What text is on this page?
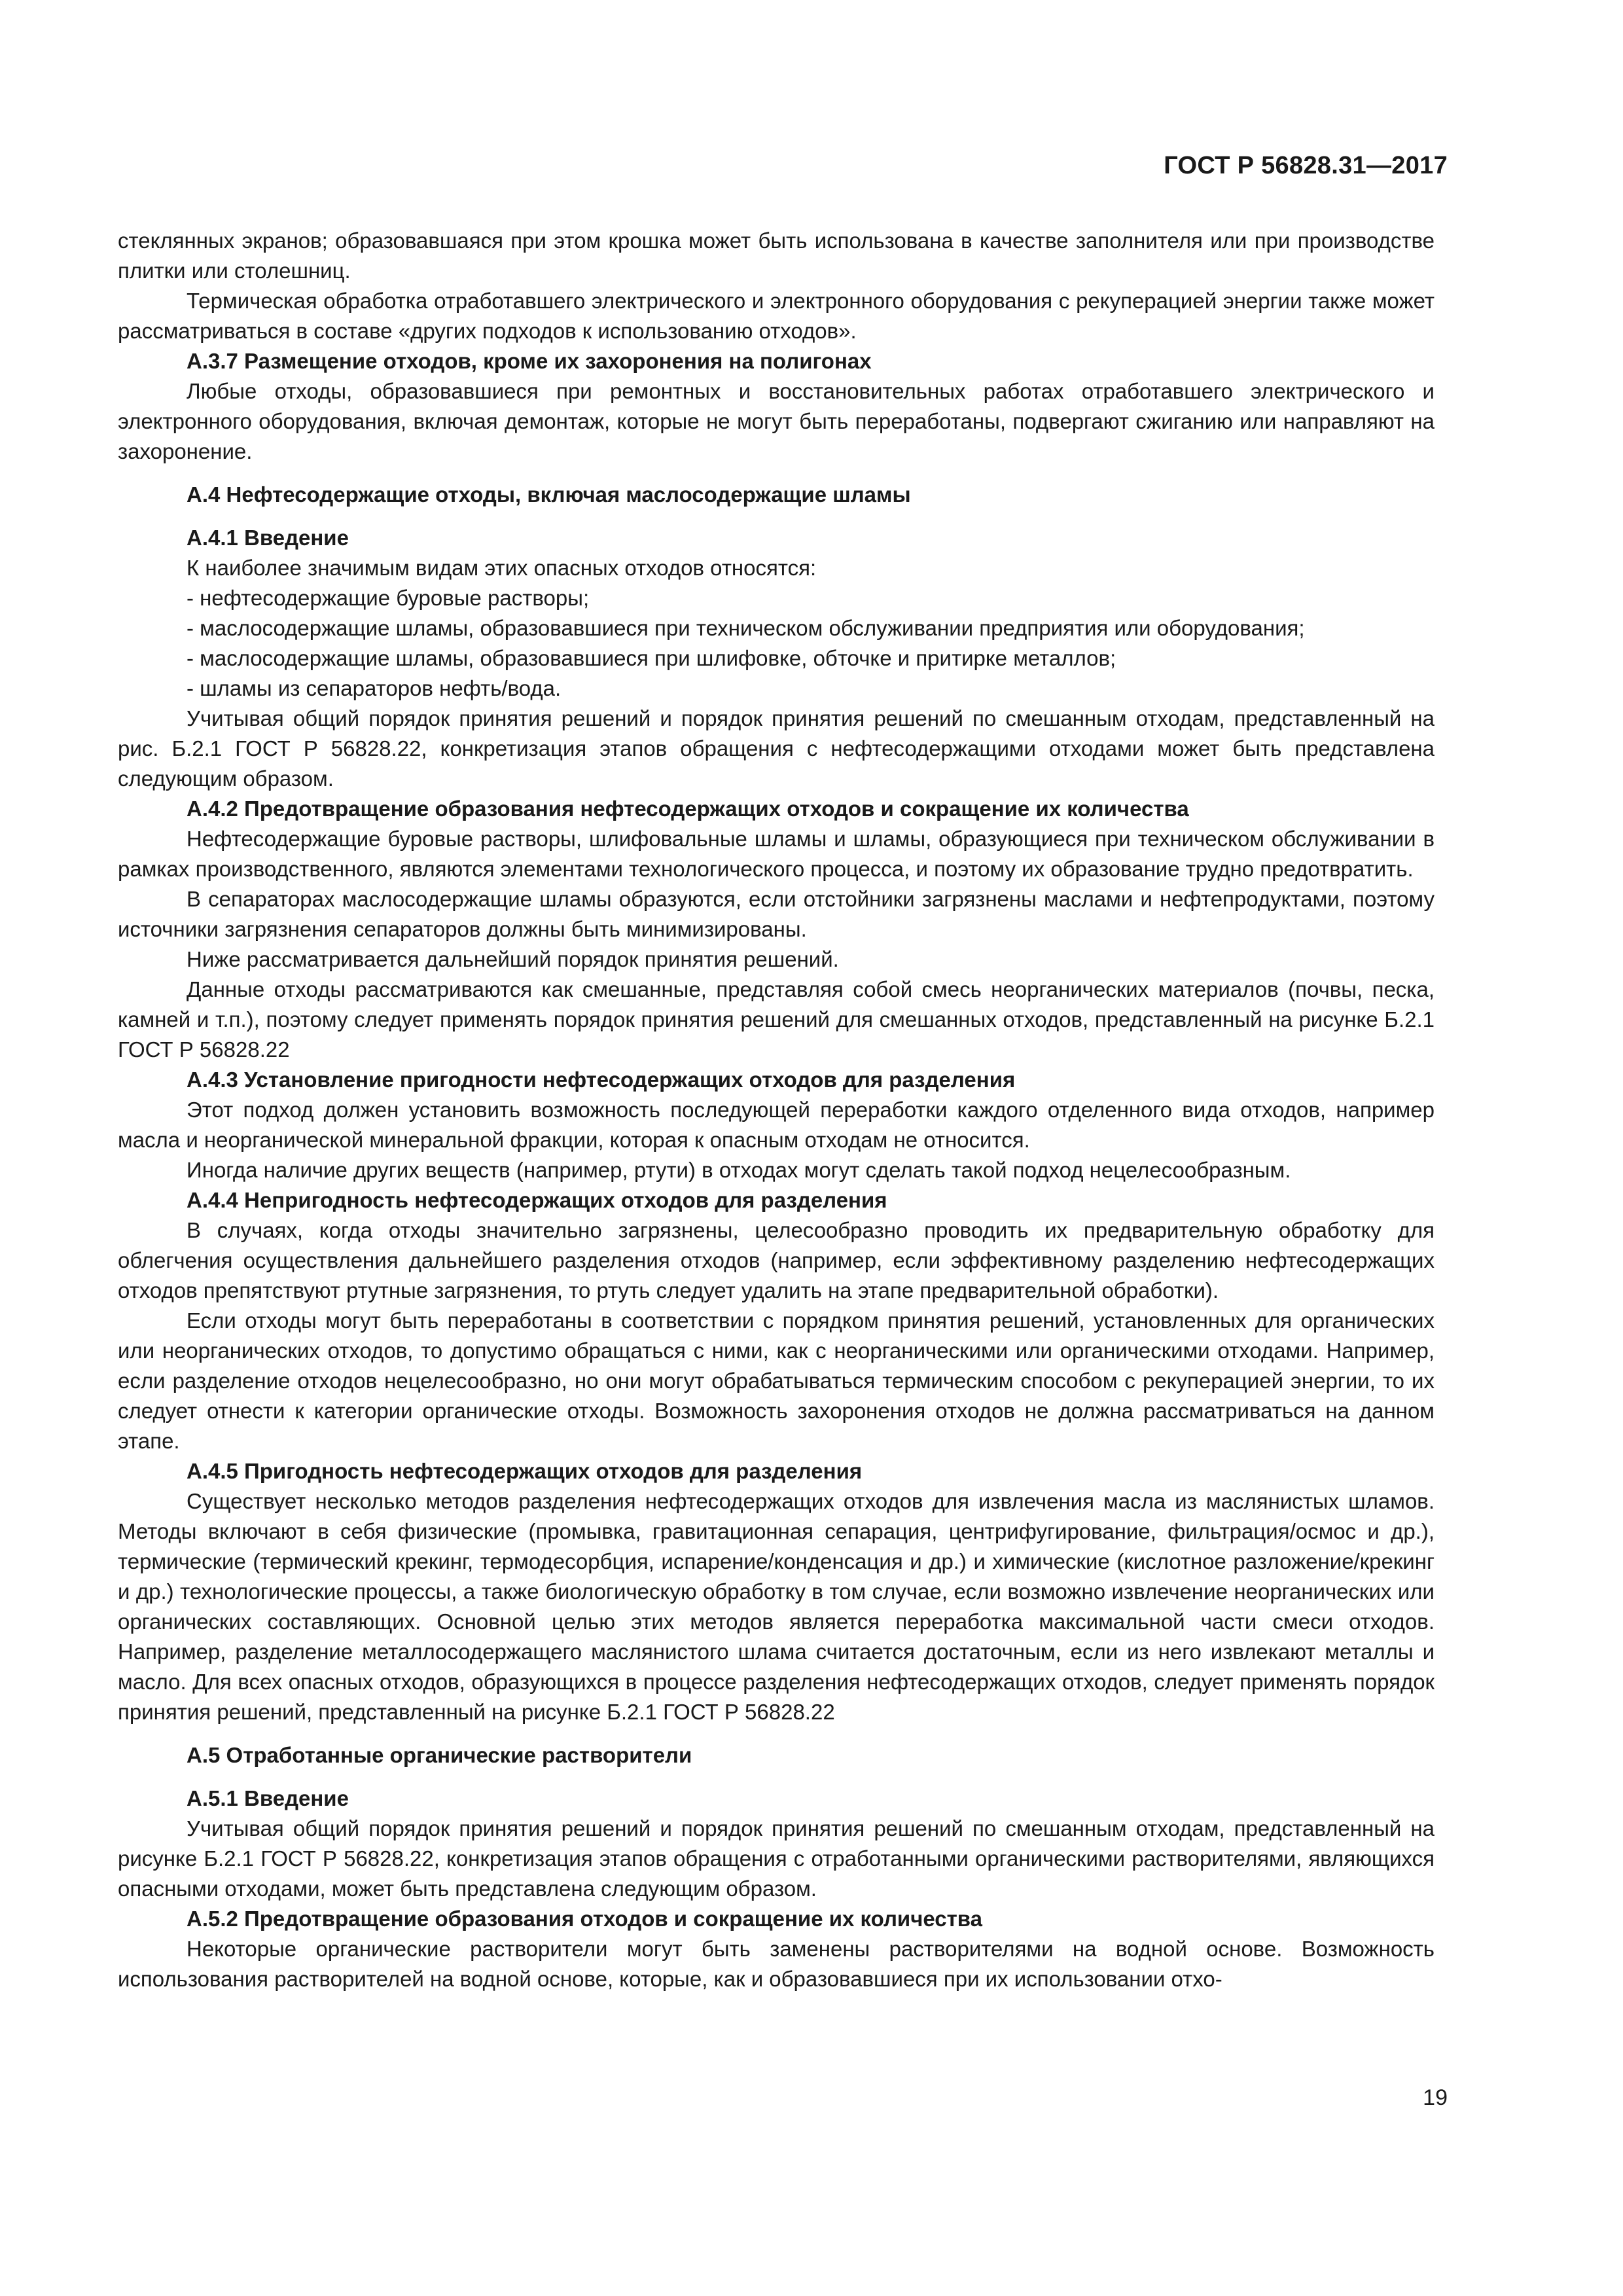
ГОСТ Р 56828.31—2017

стеклянных экранов; образовавшаяся при этом крошка может быть использована в качестве заполнителя или при производстве плитки или столешниц.

Термическая обработка отработавшего электрического и электронного оборудования с рекуперацией энергии также может рассматриваться в составе «других подходов к использованию отходов».

А.3.7 Размещение отходов, кроме их захоронения на полигонах

Любые отходы, образовавшиеся при ремонтных и восстановительных работах отработавшего электрического и электронного оборудования, включая демонтаж, которые не могут быть переработаны, подвергают сжиганию или направляют на захоронение.

А.4 Нефтесодержащие отходы, включая маслосодержащие шламы

А.4.1 Введение

К наиболее значимым видам этих опасных отходов относятся:

- нефтесодержащие буровые растворы;

- маслосодержащие шламы, образовавшиеся при техническом обслуживании предприятия или оборудования;

- маслосодержащие шламы, образовавшиеся при шлифовке, обточке и притирке металлов;

- шламы из сепараторов нефть/вода.

Учитывая общий порядок принятия решений и порядок принятия решений по смешанным отходам, представленный на рис. Б.2.1 ГОСТ Р 56828.22, конкретизация этапов обращения с нефтесодержащими отходами может быть представлена следующим образом.

А.4.2 Предотвращение образования нефтесодержащих отходов и сокращение их количества

Нефтесодержащие буровые растворы, шлифовальные шламы и шламы, образующиеся при техническом обслуживании в рамках производственного, являются элементами технологического процесса, и поэтому их образование трудно предотвратить.

В сепараторах маслосодержащие шламы образуются, если отстойники загрязнены маслами и нефтепродуктами, поэтому источники загрязнения сепараторов должны быть минимизированы.

Ниже рассматривается дальнейший порядок принятия решений.

Данные отходы рассматриваются как смешанные, представляя собой смесь неорганических материалов (почвы, песка, камней и т.п.), поэтому следует применять порядок принятия решений для смешанных отходов, представленный на рисунке Б.2.1 ГОСТ Р 56828.22

А.4.3 Установление пригодности нефтесодержащих отходов для разделения

Этот подход должен установить возможность последующей переработки каждого отделенного вида отходов, например масла и неорганической минеральной фракции, которая к опасным отходам не относится.

Иногда наличие других веществ (например, ртути) в отходах могут сделать такой подход нецелесообразным.

А.4.4 Непригодность нефтесодержащих отходов для разделения

В случаях, когда отходы значительно загрязнены, целесообразно проводить их предварительную обработку для облегчения осуществления дальнейшего разделения отходов (например, если эффективному разделению нефтесодержащих отходов препятствуют ртутные загрязнения, то ртуть следует удалить на этапе предварительной обработки).

Если отходы могут быть переработаны в соответствии с порядком принятия решений, установленных для органических или неорганических отходов, то допустимо обращаться с ними, как с неорганическими или органическими отходами. Например, если разделение отходов нецелесообразно, но они могут обрабатываться термическим способом с рекуперацией энергии, то их следует отнести к категории органические отходы. Возможность захоронения отходов не должна рассматриваться на данном этапе.

А.4.5 Пригодность нефтесодержащих отходов для разделения

Существует несколько методов разделения нефтесодержащих отходов для извлечения масла из маслянистых шламов. Методы включают в себя физические (промывка, гравитационная сепарация, центрифугирование, фильтрация/осмос и др.), термические (термический крекинг, термодесорбция, испарение/конденсация и др.) и химические (кислотное разложение/крекинг и др.) технологические процессы, а также биологическую обработку в том случае, если возможно извлечение неорганических или органических составляющих. Основной целью этих методов является переработка максимальной части смеси отходов. Например, разделение металлосодержащего маслянистого шлама считается достаточным, если из него извлекают металлы и масло. Для всех опасных отходов, образующихся в процессе разделения нефтесодержащих отходов, следует применять порядок принятия решений, представленный на рисунке Б.2.1 ГОСТ Р 56828.22

А.5 Отработанные органические растворители

А.5.1 Введение

Учитывая общий порядок принятия решений и порядок принятия решений по смешанным отходам, представленный на рисунке Б.2.1 ГОСТ Р 56828.22, конкретизация этапов обращения с отработанными органическими растворителями, являющихся опасными отходами, может быть представлена следующим образом.

А.5.2 Предотвращение образования отходов и сокращение их количества

Некоторые органические растворители могут быть заменены растворителями на водной основе. Возможность использования растворителей на водной основе, которые, как и образовавшиеся при их использовании отхо-

19
